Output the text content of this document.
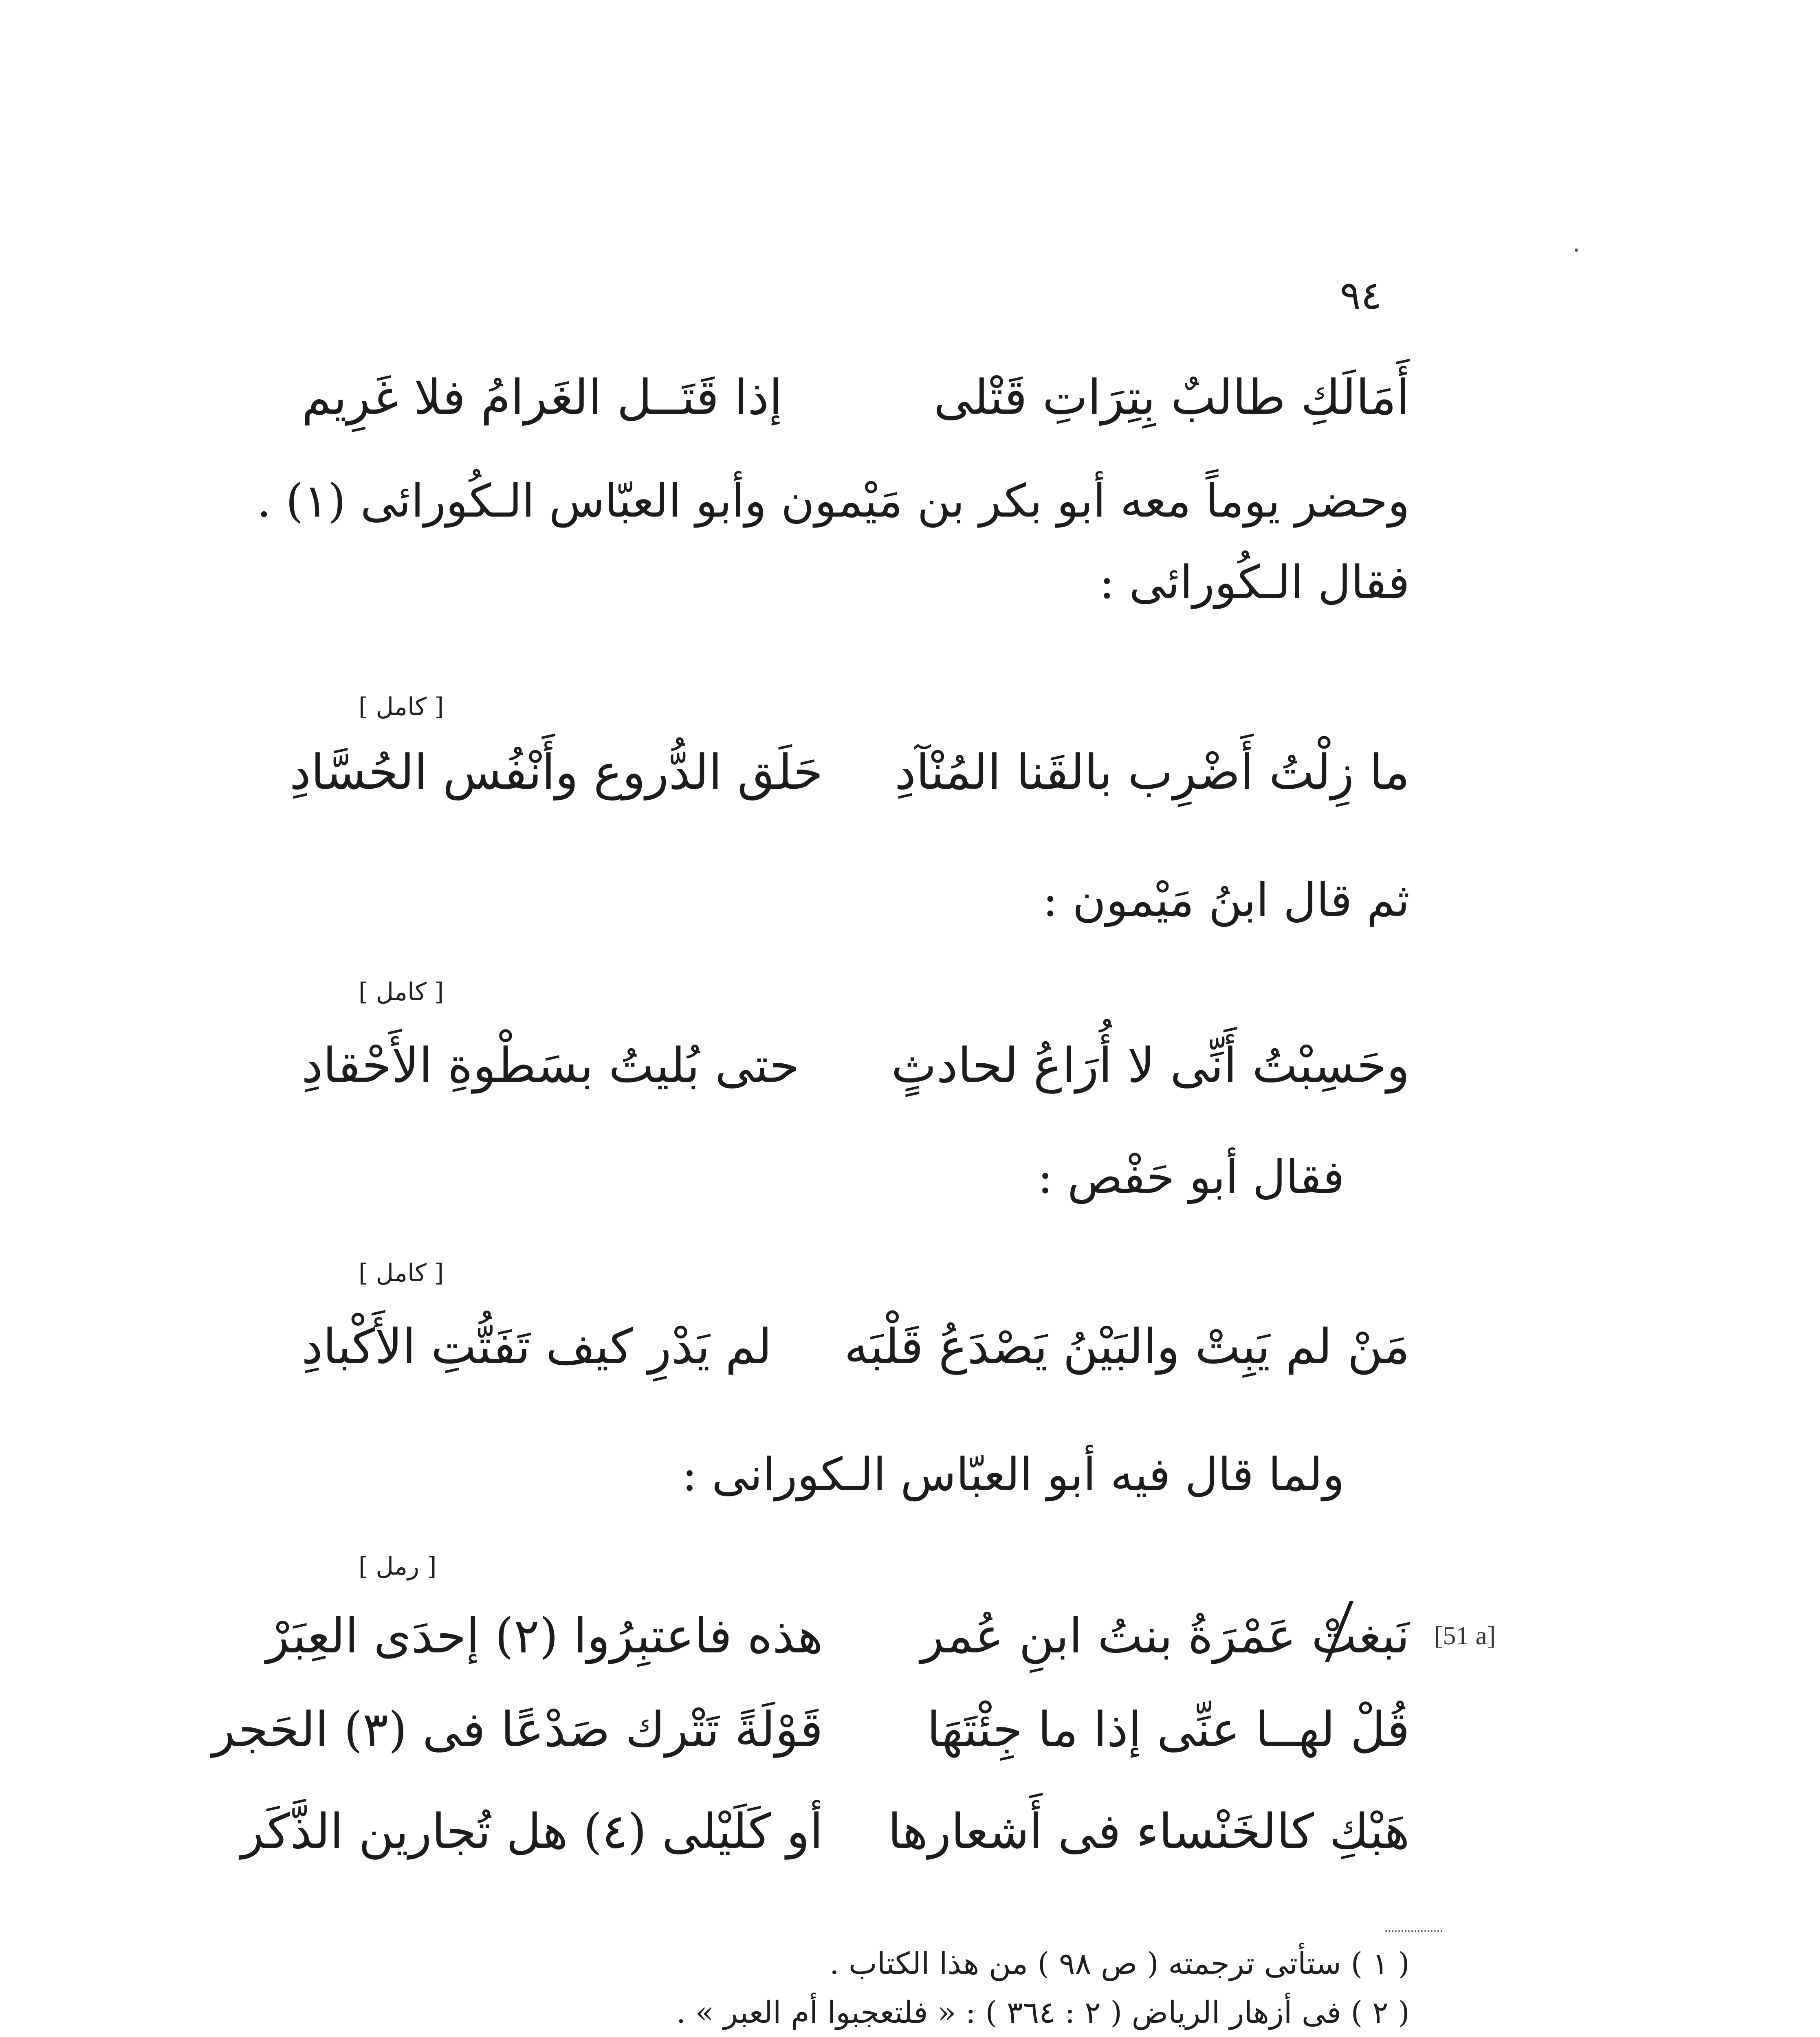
٩٤
أَمَالَكِ طالبٌ بِتِرَاتِ قَتْلى
إذا قَتَــل الغَرامُ فلا غَرِيم
وحضر يوماً معه أبو بكر بن مَيْمون وأبو العبّاس الـكُورائى (١) .
فقال الـكُورائى :
[ كامل ]
ما زِلْتُ أَضْرِب بالقَنا المُنْآدِ
حَلَق الدُّروع وأَنْفُس الحُسَّادِ
ثم قال ابنُ مَيْمون :
[ كامل ]
وحَسِبْتُ أَنِّى لا أُرَاعُ لحادثٍ
حتى بُليتُ بسَطْوةِ الأَحْقادِ
فقال أبو حَفْص :
[ كامل ]
مَنْ لم يَبِتْ والبَيْنُ يَصْدَعُ قَلْبَه
لم يَدْرِ كيف تَفَتُّتِ الأَكْبادِ
ولما قال فيه أبو العبّاس الـكورانى :
[ رمل ]
[51 a]
نَبغتْ عَمْرَةُ بنتُ ابنِ عُمر
هذه فاعتبِرُوا (٢) إحدَى العِبَرْ
قُلْ لهــا عنِّى إذا ما جِئْتَهَا
قَوْلَةً تَتْرك صَدْعًا فى (٣) الحَجر
هَبْكِ كالخَنْساء فى أَشعارها
أو كَلَيْلى (٤) هل تُجارين الذَّكَر
( ١ ) ستأتى ترجمته ( ص ٩٨ ) من هذا الكتاب .
( ٢ ) فى أزهار الرياض ( ٢ : ٣٦٤ ) : « فلتعجبوا أم العبر » .
